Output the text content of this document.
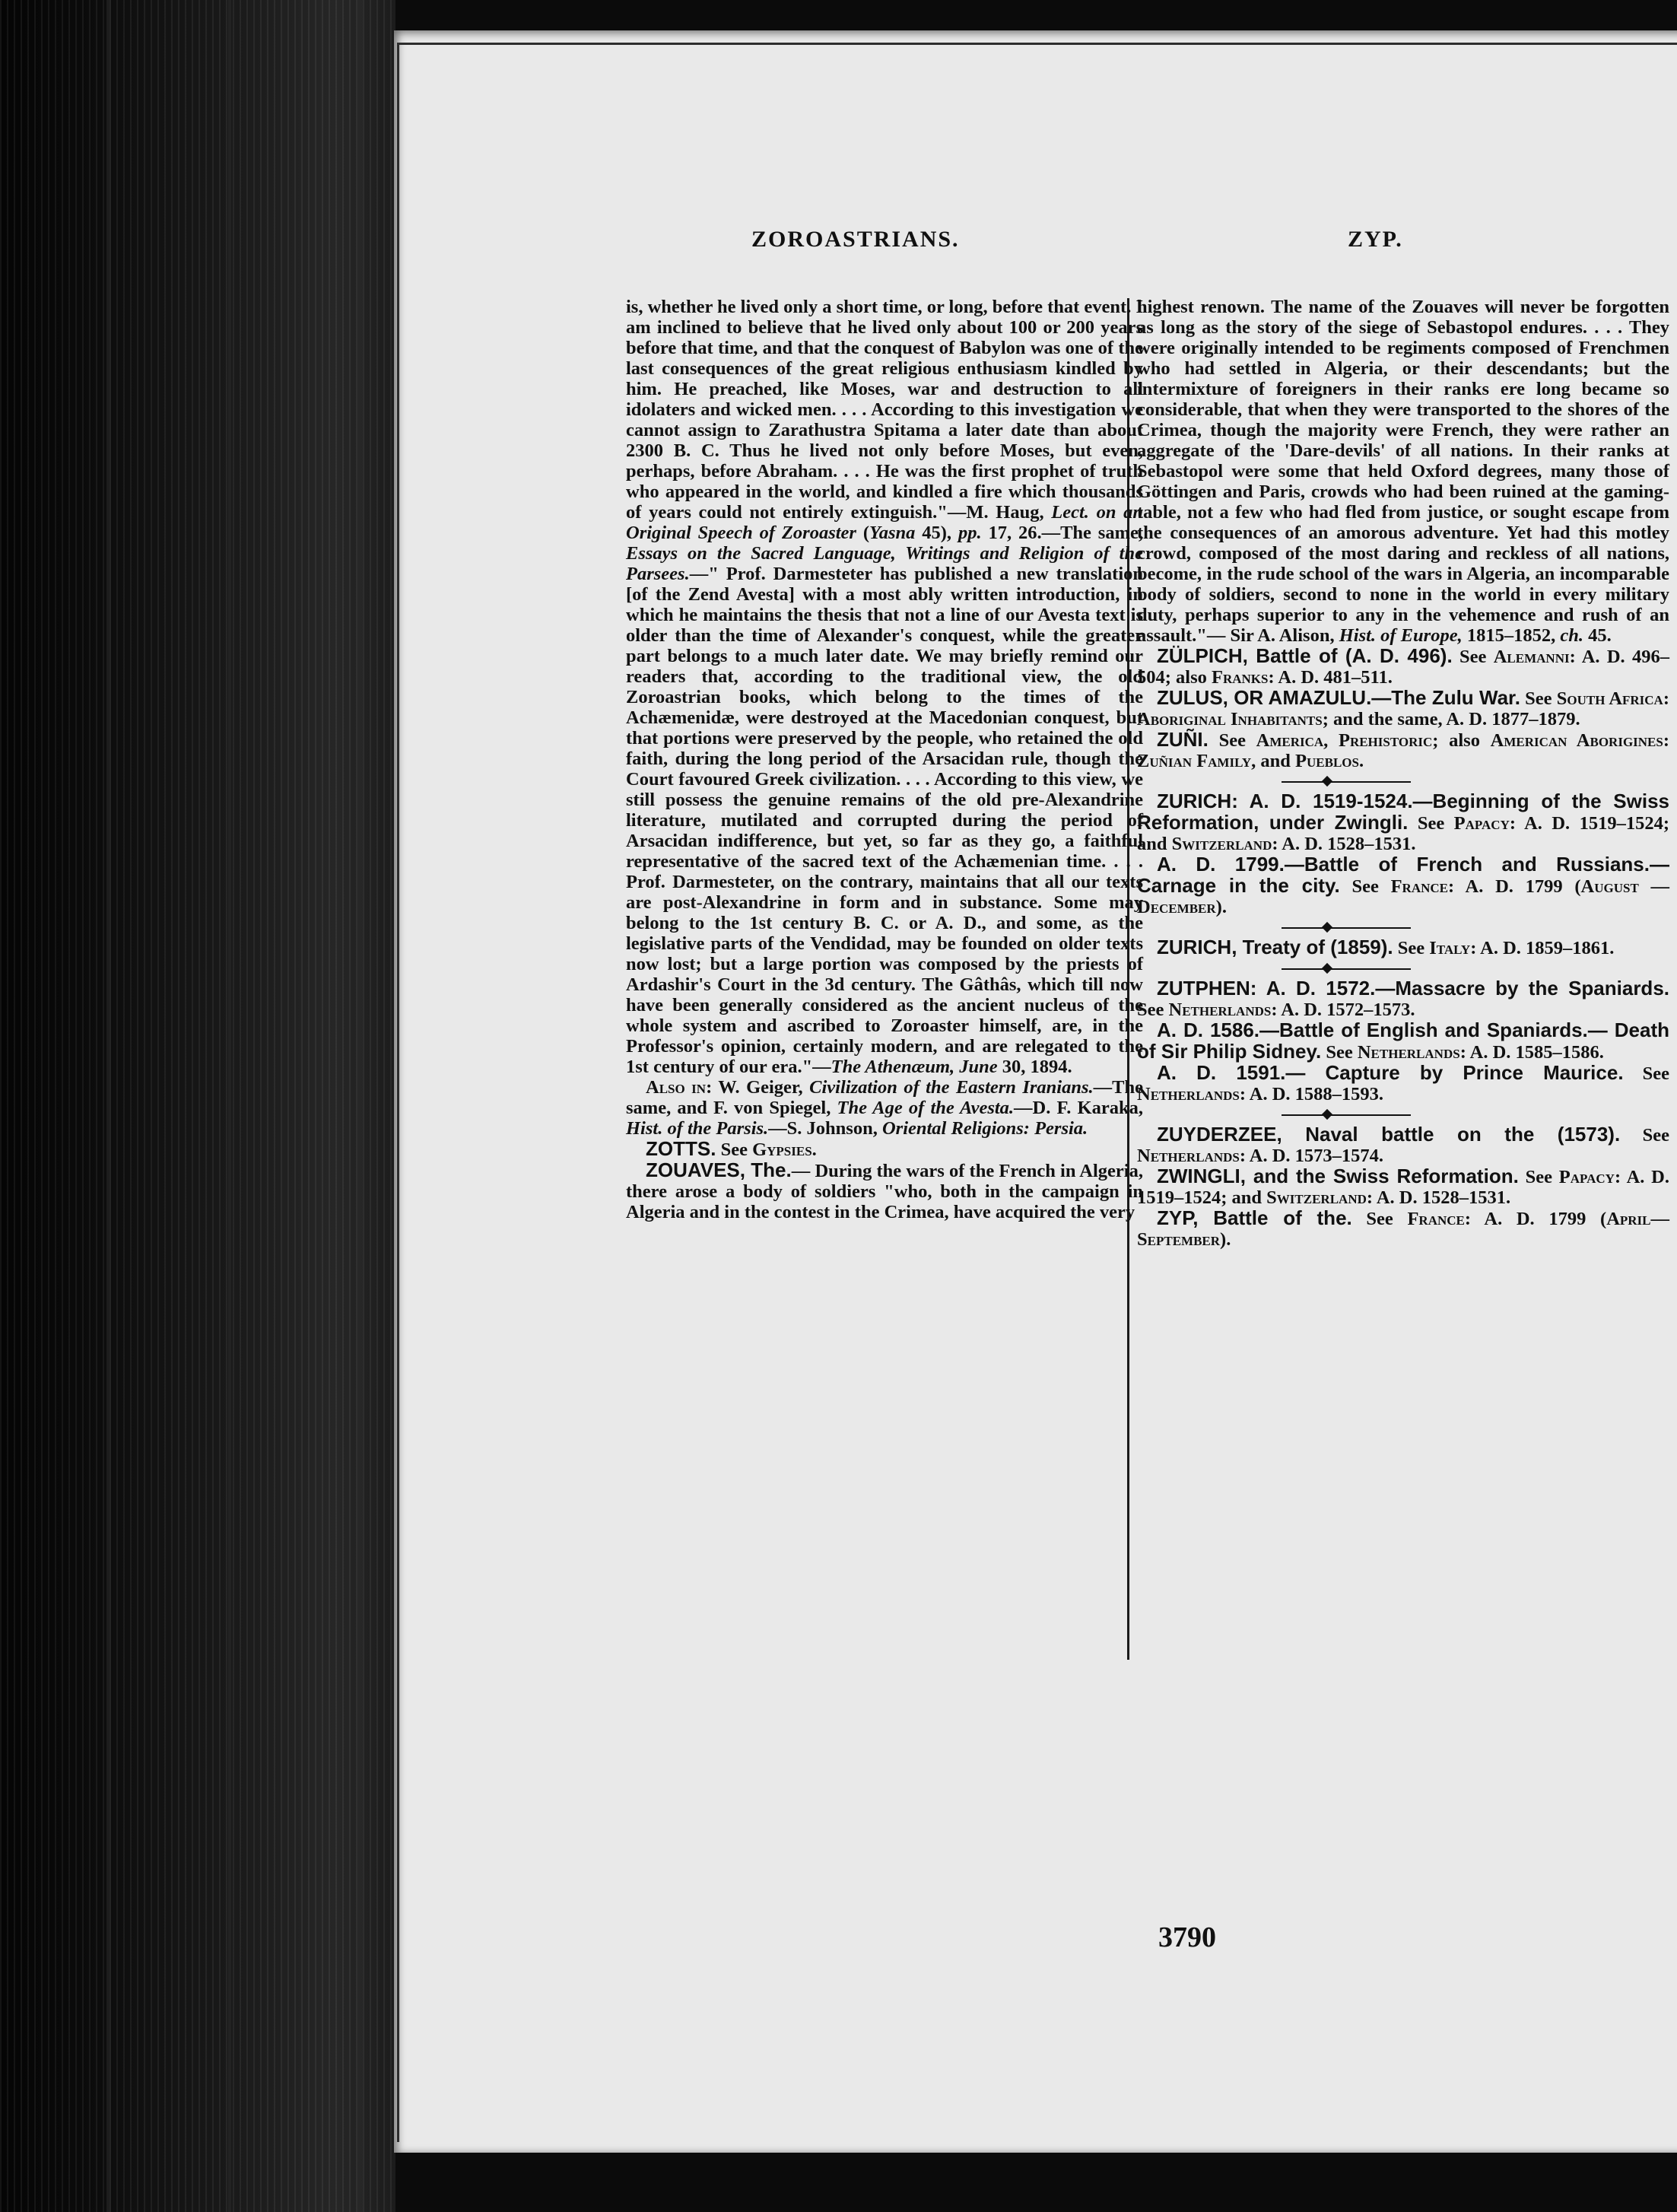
ZOROASTRIANS.	ZYP.

is, whether he lived only a short time, or long, before that event. I am inclined to believe that he lived only about 100 or 200 years before that time, and that the conquest of Babylon was one of the last consequences of the great religious enthusiasm kindled by him. He preached, like Moses, war and destruction to all idolaters and wicked men. . . . According to this investigation we cannot assign to Zarathustra Spitama a later date than about 2300 B. C. Thus he lived not only before Moses, but even, perhaps, before Abraham. . . . He was the first prophet of truth who appeared in the world, and kindled a fire which thousands of years could not entirely extinguish."—M. Haug, Lect. on an Original Speech of Zoroaster (Yasna 45), pp. 17, 26.—The same, Essays on the Sacred Language, Writings and Religion of the Parsees.—" Prof. Darmesteter has published a new translation [of the Zend Avesta] with a most ably written introduction, in which he maintains the thesis that not a line of our Avesta text is older than the time of Alexander's conquest, while the greater part belongs to a much later date. We may briefly remind our readers that, according to the traditional view, the old Zoroastrian books, which belong to the times of the Achæmenidæ, were destroyed at the Macedonian conquest, but that portions were preserved by the people, who retained the old faith, during the long period of the Arsacidan rule, though the Court favoured Greek civilization. . . . According to this view, we still possess the genuine remains of the old pre-Alexandrine literature, mutilated and corrupted during the period of Arsacidan indifference, but yet, so far as they go, a faithful representative of the sacred text of the Achæmenian time. . . . Prof. Darmesteter, on the contrary, maintains that all our texts are post-Alexandrine in form and in substance. Some may belong to the 1st century B. C. or A. D., and some, as the legislative parts of the Vendidad, may be founded on older texts now lost; but a large portion was composed by the priests of Ardashir's Court in the 3d century. The Gâthâs, which till now have been generally considered as the ancient nucleus of the whole system and ascribed to Zoroaster himself, are, in the Professor's opinion, certainly modern, and are relegated to the 1st century of our era."—The Athenæum, June 30, 1894.

Also in: W. Geiger, Civilization of the Eastern Iranians.—The same, and F. von Spiegel, The Age of the Avesta.—D. F. Karaka, Hist. of the Parsis.—S. Johnson, Oriental Religions: Persia.

ZOTTS. See Gypsies.

ZOUAVES, The.— During the wars of the French in Algeria, there arose a body of soldiers "who, both in the campaign in Algeria and in the contest in the Crimea, have acquired the very

highest renown. The name of the Zouaves will never be forgotten as long as the story of the siege of Sebastopol endures. . . . They were originally intended to be regiments composed of Frenchmen who had settled in Algeria, or their descendants; but the intermixture of foreigners in their ranks ere long became so considerable, that when they were transported to the shores of the Crimea, though the majority were French, they were rather an aggregate of the 'Dare-devils' of all nations. In their ranks at Sebastopol were some that held Oxford degrees, many those of Göttingen and Paris, crowds who had been ruined at the gaming-table, not a few who had fled from justice, or sought escape from the consequences of an amorous adventure. Yet had this motley crowd, composed of the most daring and reckless of all nations, become, in the rude school of the wars in Algeria, an incomparable body of soldiers, second to none in the world in every military duty, perhaps superior to any in the vehemence and rush of an assault."— Sir A. Alison, Hist. of Europe, 1815–1852, ch. 45.

ZÜLPICH, Battle of (A. D. 496). See Alemanni: A. D. 496–504; also Franks: A. D. 481–511.

ZULUS, OR AMAZULU.—The Zulu War. See South Africa: Aboriginal Inhabitants; and the same, A. D. 1877–1879.

ZUÑI. See America, Prehistoric; also American Aborigines: Zuñian Family, and Pueblos.

ZURICH: A. D. 1519-1524.—Beginning of the Swiss Reformation, under Zwingli. See Papacy: A. D. 1519–1524; and Switzerland: A. D. 1528–1531.

A. D. 1799.—Battle of French and Russians.— Carnage in the city. See France: A. D. 1799 (August — December).

ZURICH, Treaty of (1859). See Italy: A. D. 1859–1861.

ZUTPHEN: A. D. 1572.—Massacre by the Spaniards. See Netherlands: A. D. 1572–1573.

A. D. 1586.—Battle of English and Spaniards.— Death of Sir Philip Sidney. See Netherlands: A. D. 1585–1586.

A. D. 1591.— Capture by Prince Maurice. See Netherlands: A. D. 1588–1593.

ZUYDERZEE, Naval battle on the (1573). See Netherlands: A. D. 1573–1574.

ZWINGLI, and the Swiss Reformation. See Papacy: A. D. 1519–1524; and Switzerland: A. D. 1528–1531.

ZYP, Battle of the. See France: A. D. 1799 (April—September).

3790
